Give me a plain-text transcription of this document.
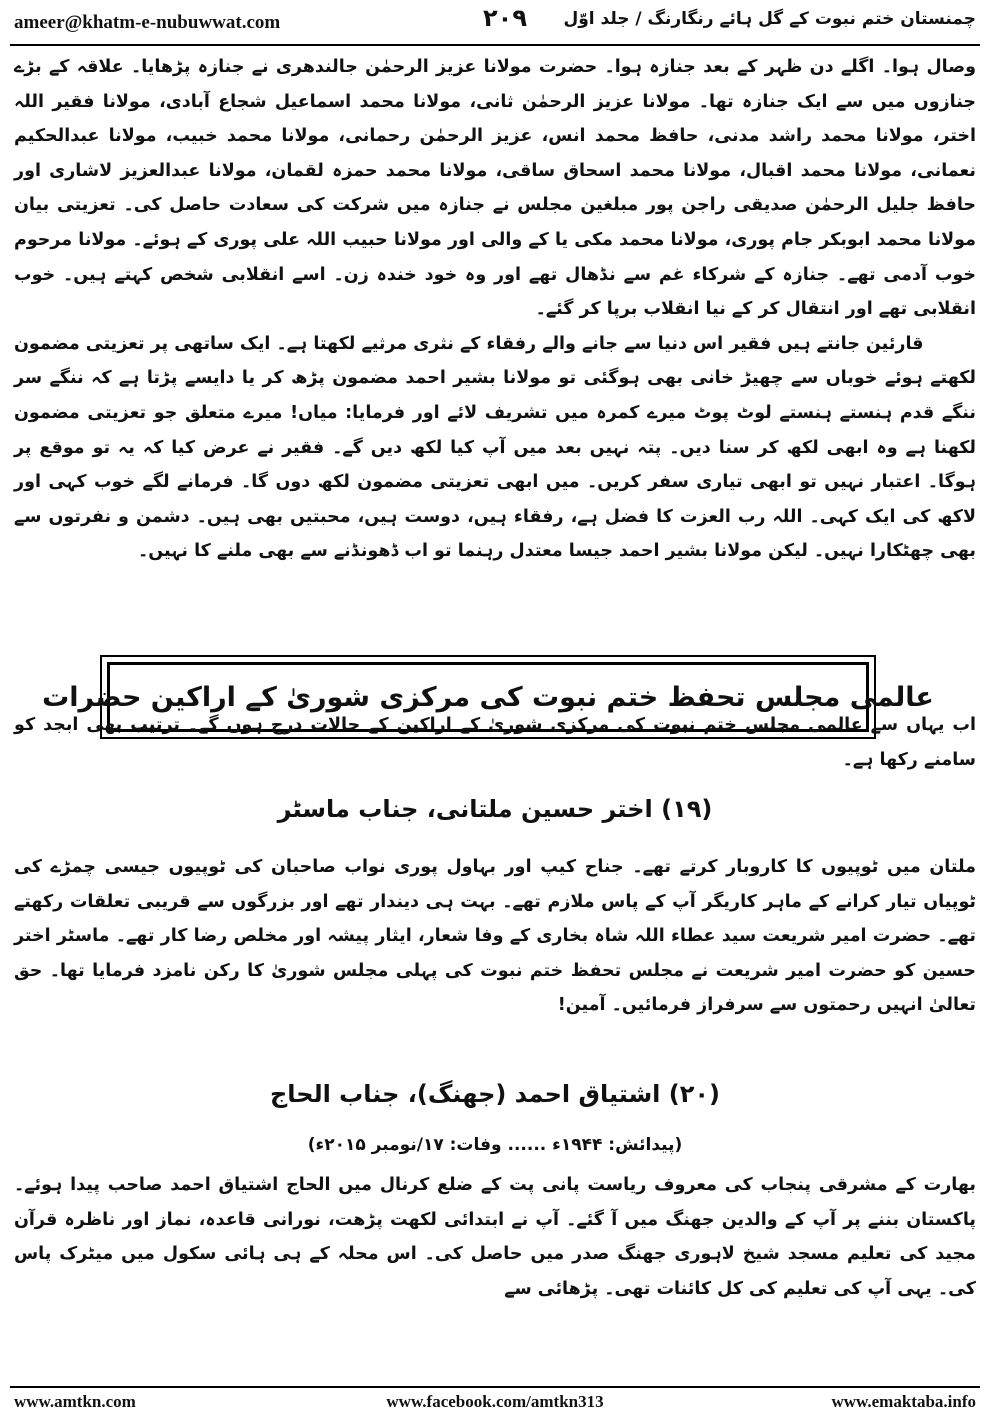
ameer@khatm-e-nubuwwat.com	۲۰۹	چمنستان ختم نبوت کے گل ہائے رنگارنگ / جلد اوّل

وصال ہوا۔ اگلے دن ظہر کے بعد جنازہ ہوا۔ حضرت مولانا عزیز الرحمٰن جالندھری نے جنازہ پڑھایا۔ علاقہ کے بڑے جنازوں میں سے ایک جنازہ تھا۔ مولانا عزیز الرحمٰن ثانی، مولانا محمد اسماعیل شجاع آبادی، مولانا فقیر اللہ اختر، مولانا محمد راشد مدنی، حافظ محمد انس، عزیز الرحمٰن رحمانی، مولانا محمد خبیب، مولانا عبدالحکیم نعمانی، مولانا محمد اقبال، مولانا محمد اسحاق ساقی، مولانا محمد حمزہ لقمان، مولانا عبدالعزیز لاشاری اور حافظ جلیل الرحمٰن صدیقی راجن پور مبلغین مجلس نے جنازہ میں شرکت کی سعادت حاصل کی۔ تعزیتی بیان مولانا محمد ابوبکر جام پوری، مولانا محمد مکی یا کے والی اور مولانا حبیب اللہ علی پوری کے ہوئے۔ مولانا مرحوم خوب آدمی تھے۔ جنازہ کے شرکاء غم سے نڈھال تھے اور وہ خود خندہ زن۔ اسے انقلابی شخص کہتے ہیں۔ خوب انقلابی تھے اور انتقال کر کے نیا انقلاب برپا کر گئے۔

قارئین جانتے ہیں فقیر اس دنیا سے جانے والے رفقاء کے نثری مرثیے لکھتا ہے۔ ایک ساتھی پر تعزیتی مضمون لکھتے ہوئے خوباں سے چھیڑ خانی بھی ہوگئی تو مولانا بشیر احمد مضمون پڑھ کر یا دایسے پڑتا ہے کہ ننگے سر ننگے قدم ہنستے ہنستے لوٹ پوٹ میرے کمرہ میں تشریف لائے اور فرمایا: میاں! میرے متعلق جو تعزیتی مضمون لکھنا ہے وہ ابھی لکھ کر سنا دیں۔ پتہ نہیں بعد میں آپ کیا لکھ دیں گے۔ فقیر نے عرض کیا کہ یہ تو موقع پر ہوگا۔ اعتبار نہیں تو ابھی تیاری سفر کریں۔ میں ابھی تعزیتی مضمون لکھ دوں گا۔ فرمانے لگے خوب کہی اور لاکھ کی ایک کہی۔ اللہ رب العزت کا فضل ہے، رفقاء ہیں، دوست ہیں، محبتیں بھی ہیں۔ دشمن و نفرتوں سے بھی چھٹکارا نہیں۔ لیکن مولانا بشیر احمد جیسا معتدل رہنما تو اب ڈھونڈنے سے بھی ملنے کا نہیں۔

عالمی مجلس تحفظ ختم نبوت کی مرکزی شوریٰ کے اراکین حضرات

اب یہاں سے عالمی مجلس ختم نبوت کی مرکزی شوریٰ کے اراکین کے حالات درج ہوں گے۔ ترتیب بھی ابجد کو سامنے رکھا ہے۔

(۱۹) اختر حسین ملتانی، جناب ماسٹر

ملتان میں ٹوپیوں کا کاروبار کرتے تھے۔ جناح کیپ اور بہاول پوری نواب صاحبان کی ٹوپیوں جیسی چمڑے کی ٹوپیاں تیار کرانے کے ماہر کاریگر آپ کے پاس ملازم تھے۔ بہت ہی دیندار تھے اور بزرگوں سے قریبی تعلقات رکھتے تھے۔ حضرت امیر شریعت سید عطاء اللہ شاہ بخاری کے وفا شعار، ایثار پیشہ اور مخلص رضا کار تھے۔ ماسٹر اختر حسین کو حضرت امیر شریعت نے مجلس تحفظ ختم نبوت کی پہلی مجلس شوریٰ کا رکن نامزد فرمایا تھا۔ حق تعالیٰ انہیں رحمتوں سے سرفراز فرمائیں۔ آمین!

(۲۰) اشتیاق احمد (جھنگ)، جناب الحاج
(پیدائش: ۱۹۴۴ء ...... وفات: ۱۷/نومبر ۲۰۱۵ء)

بھارت کے مشرقی پنجاب کی معروف ریاست پانی پت کے ضلع کرنال میں الحاج اشتیاق احمد صاحب پیدا ہوئے۔ پاکستان بننے پر آپ کے والدین جھنگ میں آ گئے۔ آپ نے ابتدائی لکھت پڑھت، نورانی قاعدہ، نماز اور ناظرہ قرآن مجید کی تعلیم مسجد شیخ لاہوری جھنگ صدر میں حاصل کی۔ اس محلہ کے ہی ہائی سکول میں میٹرک پاس کی۔ یہی آپ کی تعلیم کی کل کائنات تھی۔ پڑھائی سے

www.amtkn.com	www.facebook.com/amtkn313	www.emaktaba.info
